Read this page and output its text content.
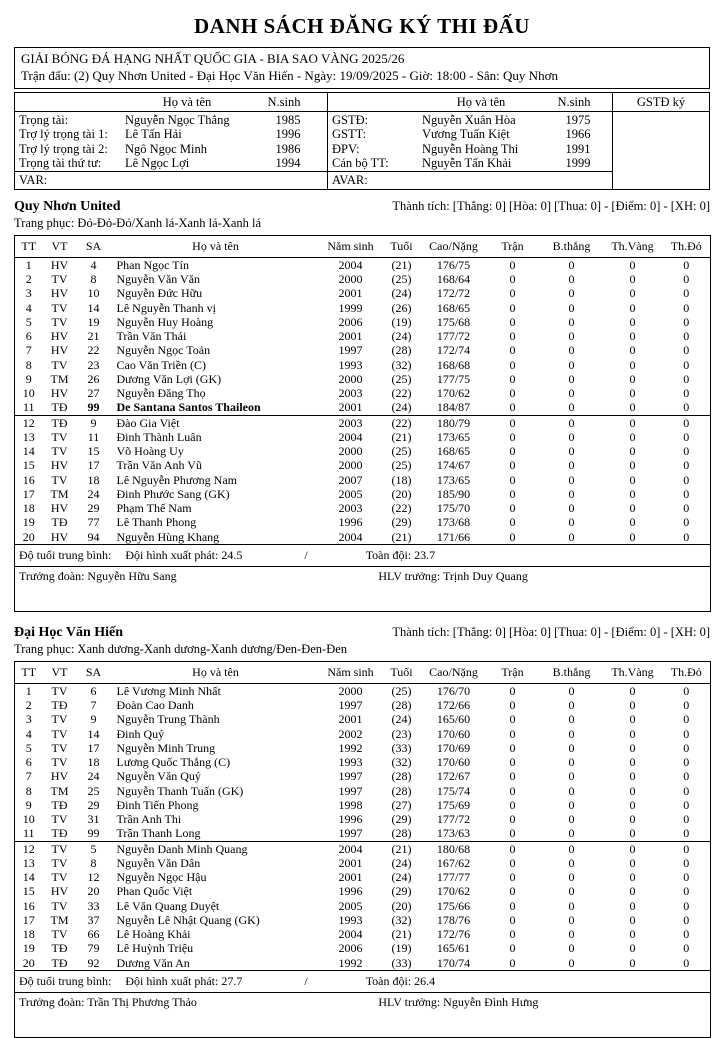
DANH SÁCH ĐĂNG KÝ THI ĐẤU
GIẢI BÓNG ĐÁ HẠNG NHẤT QUỐC GIA - BIA SAO VÀNG 2025/26
Trận đấu: (2) Quy Nhơn United - Đại Học Văn Hiến - Ngày: 19/09/2025 - Giờ: 18:00 - Sân: Quy Nhơn
Họ và tên	N.sinh
Trọng tài:	Nguyễn Ngọc Thắng	1985
Trợ lý trọng tài 1:	Lê Tấn Hải	1996
Trợ lý trọng tài 2:	Ngô Ngọc Minh	1986
Trọng tài thứ tư:	Lê Ngọc Lợi	1994
VAR:
Họ và tên	N.sinh
GSTĐ:	Nguyễn Xuân Hòa	1975
GSTT:	Vương Tuấn Kiệt	1966
ĐPV:	Nguyễn Hoàng Thi	1991
Cán bộ TT:	Nguyễn Tấn Khải	1999
AVAR:
GSTĐ ký
Quy Nhơn United	Thành tích: [Thắng: 0] [Hòa: 0] [Thua: 0] - [Điểm: 0] - [XH: 0]
Trang phục: Đỏ-Đỏ-Đỏ/Xanh lá-Xanh lá-Xanh lá
TT	VT	SA	Họ và tên	Năm sinh	Tuổi	Cao/Nặng	Trận	B.thắng	Th.Vàng	Th.Đỏ
1	HV	4	Phan Ngọc Tín	2004	(21)	176/75	0	0	0	0
2	TV	8	Nguyễn Văn Văn	2000	(25)	168/64	0	0	0	0
3	HV	10	Nguyễn Đức Hữu	2001	(24)	172/72	0	0	0	0
4	TV	14	Lê Nguyễn Thanh vị	1999	(26)	168/65	0	0	0	0
5	TV	19	Nguyễn Huy Hoàng	2006	(19)	175/68	0	0	0	0
6	HV	21	Trần Văn Thái	2001	(24)	177/72	0	0	0	0
7	HV	22	Nguyễn Ngọc Toản	1997	(28)	172/74	0	0	0	0
8	TV	23	Cao Văn Triền (C)	1993	(32)	168/68	0	0	0	0
9	TM	26	Dương Văn Lợi (GK)	2000	(25)	177/75	0	0	0	0
10	HV	27	Nguyễn Đăng Thọ	2003	(22)	170/62	0	0	0	0
11	TĐ	99	De Santana Santos Thaileon	2001	(24)	184/87	0	0	0	0
12	TĐ	9	Đào Gia Việt	2003	(22)	180/79	0	0	0	0
13	TV	11	Đinh Thành Luân	2004	(21)	173/65	0	0	0	0
14	TV	15	Võ Hoàng Uy	2000	(25)	168/65	0	0	0	0
15	HV	17	Trần Văn Anh Vũ	2000	(25)	174/67	0	0	0	0
16	TV	18	Lê Nguyễn Phương Nam	2007	(18)	173/65	0	0	0	0
17	TM	24	Đinh Phước Sang (GK)	2005	(20)	185/90	0	0	0	0
18	HV	29	Phạm Thế Nam	2003	(22)	175/70	0	0	0	0
19	TĐ	77	Lê Thanh Phong	1996	(29)	173/68	0	0	0	0
20	HV	94	Nguyễn Hùng Khang	2004	(21)	171/66	0	0	0	0

Độ tuổi trung bình: Đội hình xuất phát: 24.5 / Toàn đội: 23.7										

Trưởng đoàn: Nguyễn Hữu Sang HLV trưởng: Trịnh Duy Quang										
Đại Học Văn Hiến	Thành tích: [Thắng: 0] [Hòa: 0] [Thua: 0] - [Điểm: 0] - [XH: 0]
Trang phục: Xanh dương-Xanh dương-Xanh dương/Đen-Đen-Đen
TT	VT	SA	Họ và tên	Năm sinh	Tuổi	Cao/Nặng	Trận	B.thắng	Th.Vàng	Th.Đỏ
1	TV	6	Lê Vương Minh Nhất	2000	(25)	176/70	0	0	0	0
2	TĐ	7	Đoàn Cao Danh	1997	(28)	172/66	0	0	0	0
3	TV	9	Nguyễn Trung Thành	2001	(24)	165/60	0	0	0	0
4	TV	14	Đinh Quý	2002	(23)	170/60	0	0	0	0
5	TV	17	Nguyễn Minh Trung	1992	(33)	170/69	0	0	0	0
6	TV	18	Lương Quốc Thắng (C)	1993	(32)	170/60	0	0	0	0
7	HV	24	Nguyễn Văn Quý	1997	(28)	172/67	0	0	0	0
8	TM	25	Nguyễn Thanh Tuấn (GK)	1997	(28)	175/74	0	0	0	0
9	TĐ	29	Đinh Tiến Phong	1998	(27)	175/69	0	0	0	0
10	TV	31	Trần Anh Thi	1996	(29)	177/72	0	0	0	0
11	TĐ	99	Trần Thanh Long	1997	(28)	173/63	0	0	0	0
12	TV	5	Nguyễn Danh Minh Quang	2004	(21)	180/68	0	0	0	0
13	TV	8	Nguyễn Văn Dân	2001	(24)	167/62	0	0	0	0
14	TV	12	Nguyễn Ngọc Hậu	2001	(24)	177/77	0	0	0	0
15	HV	20	Phan Quốc Việt	1996	(29)	170/62	0	0	0	0
16	TV	33	Lê Văn Quang Duyệt	2005	(20)	175/66	0	0	0	0
17	TM	37	Nguyễn Lê Nhật Quang (GK)	1993	(32)	178/76	0	0	0	0
18	TV	66	Lê Hoàng Khải	2004	(21)	172/76	0	0	0	0
19	TĐ	79	Lê Huỳnh Triệu	2006	(19)	165/61	0	0	0	0
20	TĐ	92	Dương Văn An	1992	(33)	170/74	0	0	0	0

Độ tuổi trung bình: Đội hình xuất phát: 27.7 / Toàn đội: 26.4										

Trưởng đoàn: Trần Thị Phương Thảo HLV trưởng: Nguyễn Đình Hưng										
